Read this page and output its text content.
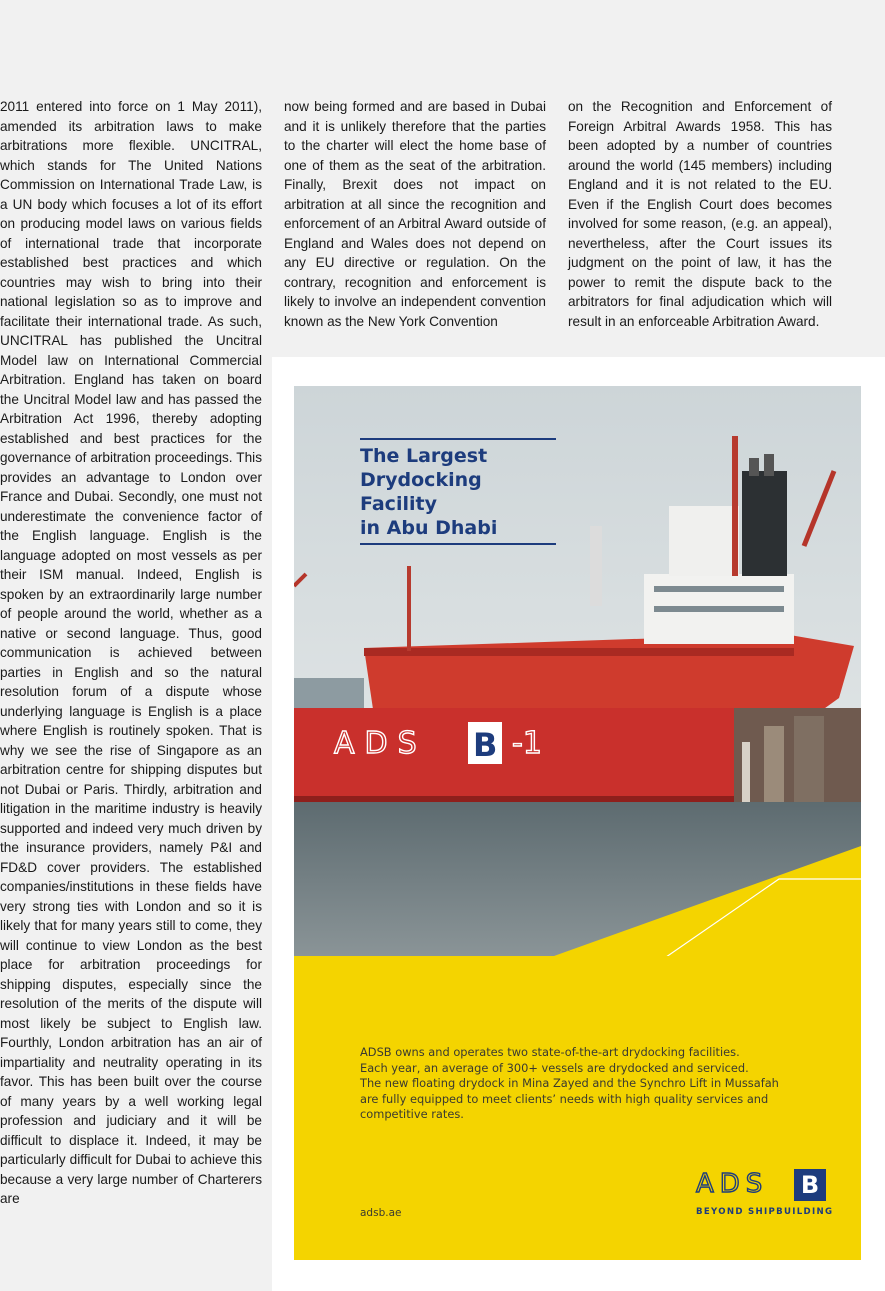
2011 entered into force on 1 May 2011), amended its arbitration laws to make arbitrations more flexible. UNCITRAL, which stands for The United Nations Commission on International Trade Law, is a UN body which focuses a lot of its effort on producing model laws on various fields of international trade that incorporate established best practices and which countries may wish to bring into their national legislation so as to improve and facilitate their international trade. As such, UNCITRAL has published the Uncitral Model law on International Commercial Arbitration. England has taken on board the Uncitral Model law and has passed the Arbitration Act 1996, thereby adopting established and best practices for the governance of arbitration proceedings. This provides an advantage to London over France and Dubai. Secondly, one must not underestimate the convenience factor of the English language. English is the language adopted on most vessels as per their ISM manual. Indeed, English is spoken by an extraordinarily large number of people around the world, whether as a native or second language. Thus, good communication is achieved between parties in English and so the natural resolution forum of a dispute whose underlying language is English is a place where English is routinely spoken. That is why we see the rise of Singapore as an arbitration centre for shipping disputes but not Dubai or Paris. Thirdly, arbitration and litigation in the maritime industry is heavily supported and indeed very much driven by the insurance providers, namely P&I and FD&D cover providers. The established companies/institutions in these fields have very strong ties with London and so it is likely that for many years still to come, they will continue to view London as the best place for arbitration proceedings for shipping disputes, especially since the resolution of the merits of the dispute will most likely be subject to English law. Fourthly, London arbitration has an air of impartiality and neutrality operating in its favor. This has been built over the course of many years by a well working legal profession and judiciary and it will be difficult to displace it. Indeed, it may be particularly difficult for Dubai to achieve this because a very large number of Charterers are

now being formed and are based in Dubai and it is unlikely therefore that the parties to the charter will elect the home base of one of them as the seat of the arbitration. Finally, Brexit does not impact on arbitration at all since the recognition and enforcement of an Arbitral Award outside of England and Wales does not depend on any EU directive or regulation. On the contrary, recognition and enforcement is likely to involve an independent convention known as the New York Convention

on the Recognition and Enforcement of Foreign Arbitral Awards 1958. This has been adopted by a number of countries around the world (145 members) including England and it is not related to the EU. Even if the English Court does becomes involved for some reason, (e.g. an appeal), nevertheless, after the Court issues its judgment on the point of law, it has the power to remit the dispute back to the arbitrators for final adjudication which will result in an enforceable Arbitration Award.

ADS B -1
The Largest
Drydocking Facility
in Abu Dhabi

ADSB owns and operates two state-of-the-art drydocking facilities.

Each year, an average of 300+ vessels are drydocked and serviced.

The new floating drydock in Mina Zayed and the Synchro Lift in Mussafah are fully equipped to meet clients’ needs with high quality services and competitive rates.

adsb.ae
ADS	B
BEYOND SHIPBUILDING
